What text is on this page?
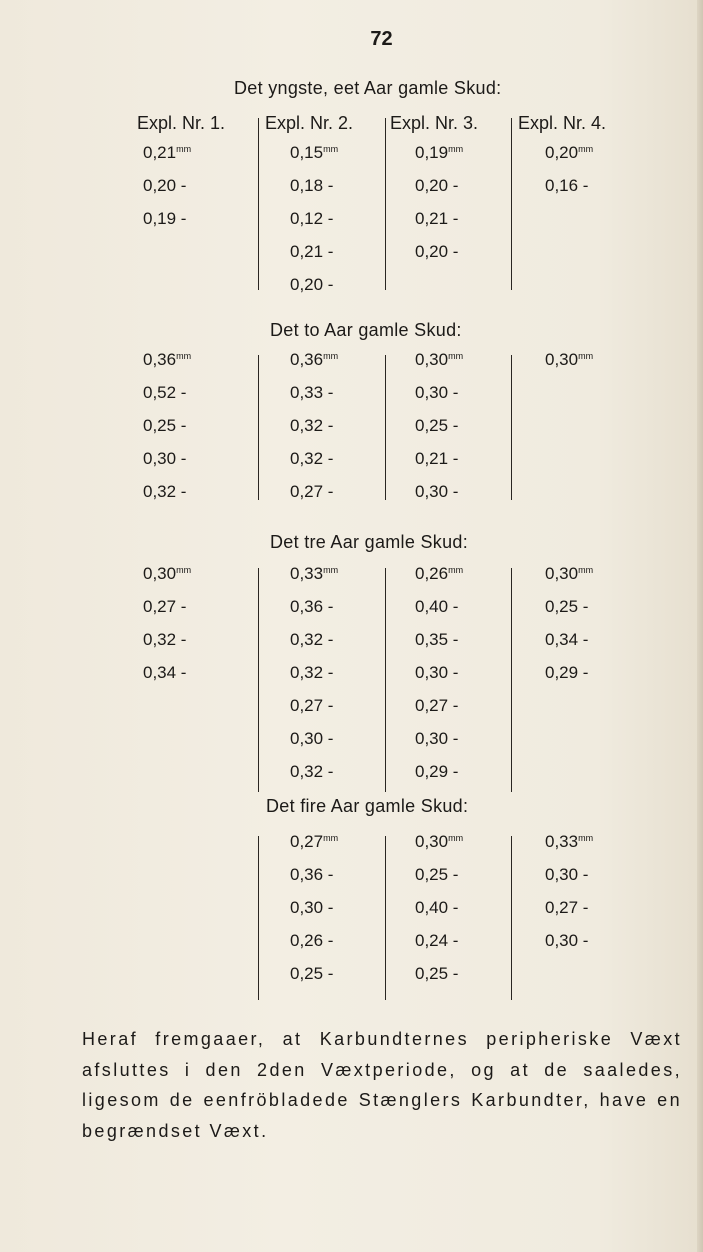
72
Expl. Nr. 1. Expl. Nr. 2. Expl. Nr. 3. Expl. Nr. 4.
Det yngste, eet Aar gamle Skud:
$0,21^{mm}$
0,20 -
0,19 -
$0,15^{mm}$
0,18 -
0,12 -
0,21 -
0,20 -
$0,19^{mm}$
0,20 -
0,21 -
0,20 -
$0,20^{mm}$
0,16 -
Det to Aar gamle Skud:
$0,36^{mm}$
0,52 -
0,25 -
0,30 -
0,32 -
$0,36^{mm}$
0,33 -
0,32 -
0,32 -
0,27 -
$0,30^{mm}$
0,30 -
0,25 -
0,21 -
0,30 -
$0,30^{mm}$
Det tre Aar gamle Skud:
$0,30^{mm}$
0,27 -
0,32 -
0,34 -
$0,33^{mm}$
0,36 -
0,32 -
0,32 -
0,27 -
0,30 -
0,32 -
$0,26^{mm}$
0,40 -
0,35 -
0,30 -
0,27 -
0,30 -
0,29 -
$0,30^{mm}$
0,25 -
0,34 -
0,29 -
Det fire Aar gamle Skud:
$0,27^{mm}$
0,36 -
0,30 -
0,26 -
0,25 -
$0,30^{mm}$
0,25 -
0,40 -
0,24 -
0,25 -
$0,33^{mm}$
0,30 -
0,27 -
0,30 -

Heraf fremgaaer, at Karbundternes peripheriske Væxt afsluttes i den 2den Væxtperiode, og at de saaledes, ligesom de eenfröbladede Stænglers Karbundter, have en begrændset Væxt.
